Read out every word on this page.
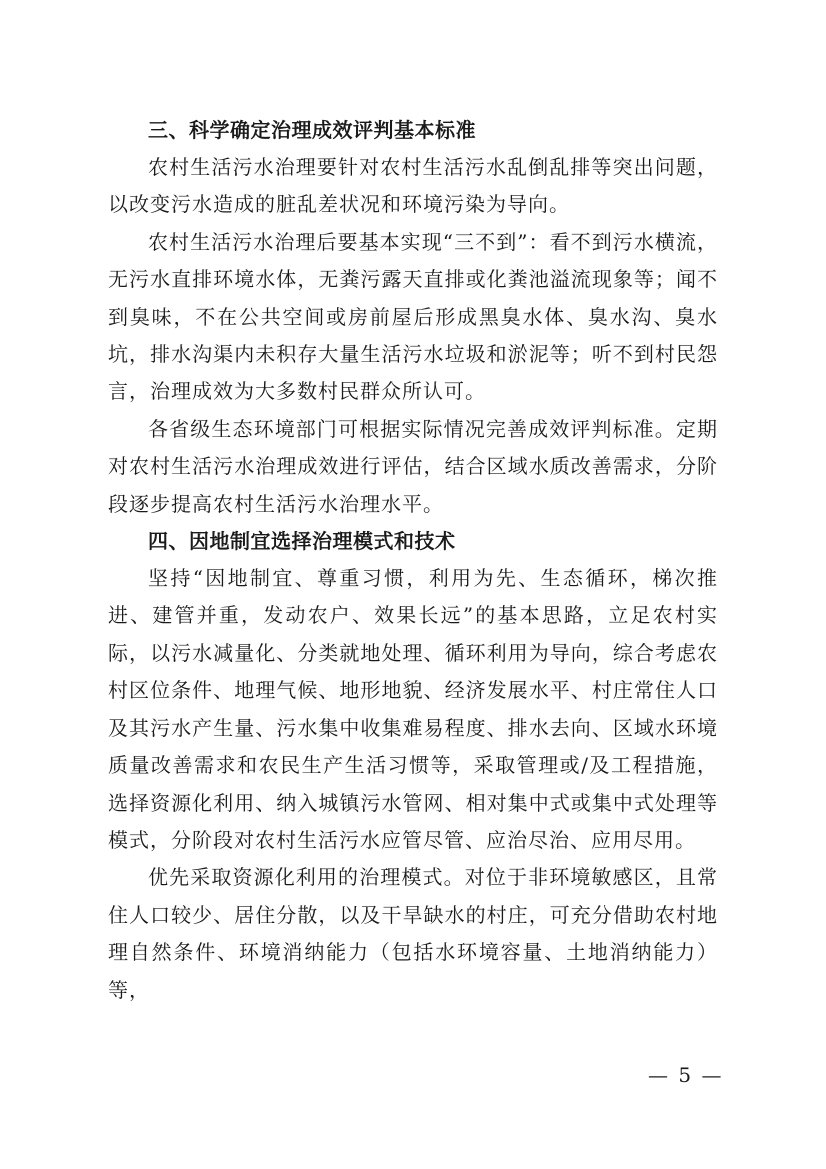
三、科学确定治理成效评判基本标准

农村生活污水治理要针对农村生活污水乱倒乱排等突出问题，以改变污水造成的脏乱差状况和环境污染为导向。

农村生活污水治理后要基本实现“三不到”：看不到污水横流，无污水直排环境水体，无粪污露天直排或化粪池溢流现象等；闻不到臭味，不在公共空间或房前屋后形成黑臭水体、臭水沟、臭水坑，排水沟渠内未积存大量生活污水垃圾和淤泥等；听不到村民怨言，治理成效为大多数村民群众所认可。

各省级生态环境部门可根据实际情况完善成效评判标准。定期对农村生活污水治理成效进行评估，结合区域水质改善需求，分阶段逐步提高农村生活污水治理水平。

四、因地制宜选择治理模式和技术

坚持“因地制宜、尊重习惯，利用为先、生态循环，梯次推进、建管并重，发动农户、效果长远”的基本思路，立足农村实际，以污水减量化、分类就地处理、循环利用为导向，综合考虑农村区位条件、地理气候、地形地貌、经济发展水平、村庄常住人口及其污水产生量、污水集中收集难易程度、排水去向、区域水环境质量改善需求和农民生产生活习惯等，采取管理或/及工程措施，选择资源化利用、纳入城镇污水管网、相对集中式或集中式处理等模式，分阶段对农村生活污水应管尽管、应治尽治、应用尽用。

优先采取资源化利用的治理模式。对位于非环境敏感区，且常住人口较少、居住分散，以及干旱缺水的村庄，可充分借助农村地理自然条件、环境消纳能力（包括水环境容量、土地消纳能力）等，

— 5 —
